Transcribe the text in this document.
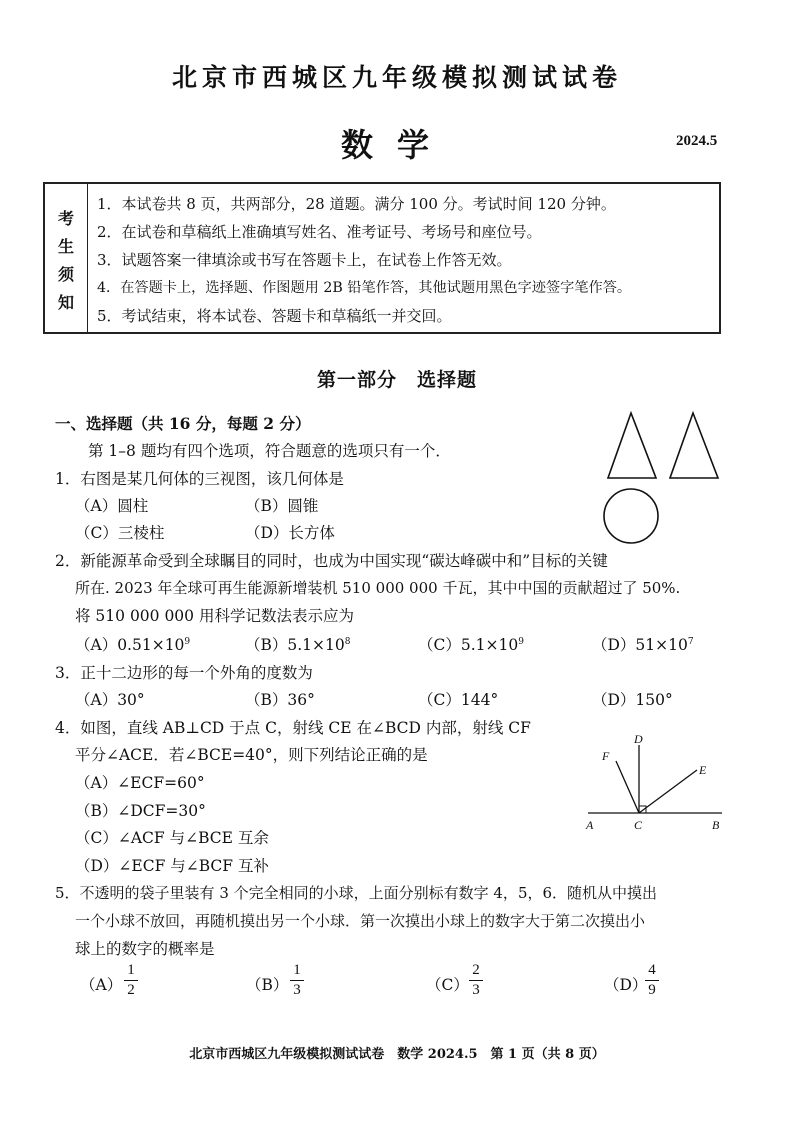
北京市西城区九年级模拟测试试卷
数学	2024.5
考
生
须
知
1．本试卷共 8 页，共两部分，28 道题。满分 100 分。考试时间 120 分钟。
2．在试卷和草稿纸上准确填写姓名、准考证号、考场号和座位号。
3．试题答案一律填涂或书写在答题卡上，在试卷上作答无效。
4．在答题卡上，选择题、作图题用 2B 铅笔作答，其他试题用黑色字迹签字笔作答。
5．考试结束，将本试卷、答题卡和草稿纸一并交回。
第一部分　选择题
一、选择题（共 16 分，每题 2 分）
第 1–8 题均有四个选项，符合题意的选项只有一个．
1．右图是某几何体的三视图，该几何体是
（A）圆柱	（B）圆锥
（C）三棱柱	（D）长方体
2．新能源革命受到全球瞩目的同时，也成为中国实现“碳达峰碳中和”目标的关键
所在. 2023 年全球可再生能源新增装机 510 000 000 千瓦，其中中国的贡献超过了 50%.
将 510 000 000 用科学记数法表示应为
$(A)0.51\times 10^9$	$(B)5.1\times 10^8$	$(C)5.1\times 10^9$	$(D)51\times 10^7$
3．正十二边形的每一个外角的度数为
（A）30°	（B）36°	（C）144°	（D）150°
4．如图，直线 AB⊥CD 于点 C，射线 CE 在∠BCD 内部，射线 CF
平分∠ACE．若∠BCE=40°，则下列结论正确的是
（A）∠ECF=60°
（B）∠DCF=30°
（C）∠ACF 与∠BCE 互余
（D）∠ECF 与∠BCF 互补
A	C	B
D
E
F
5．不透明的袋子里装有 3 个完全相同的小球，上面分别标有数字 4，5，6．随机从中摸出
一个小球不放回，再随机摸出另一个小球．第一次摸出小球上的数字大于第二次摸出小
球上的数字的概率是
（A）
1
2	（B）
1
3	（C）
2
3	（D）
4
9
北京市西城区九年级模拟测试试卷　数学 2024.5　第 1 页（共 8 页）
